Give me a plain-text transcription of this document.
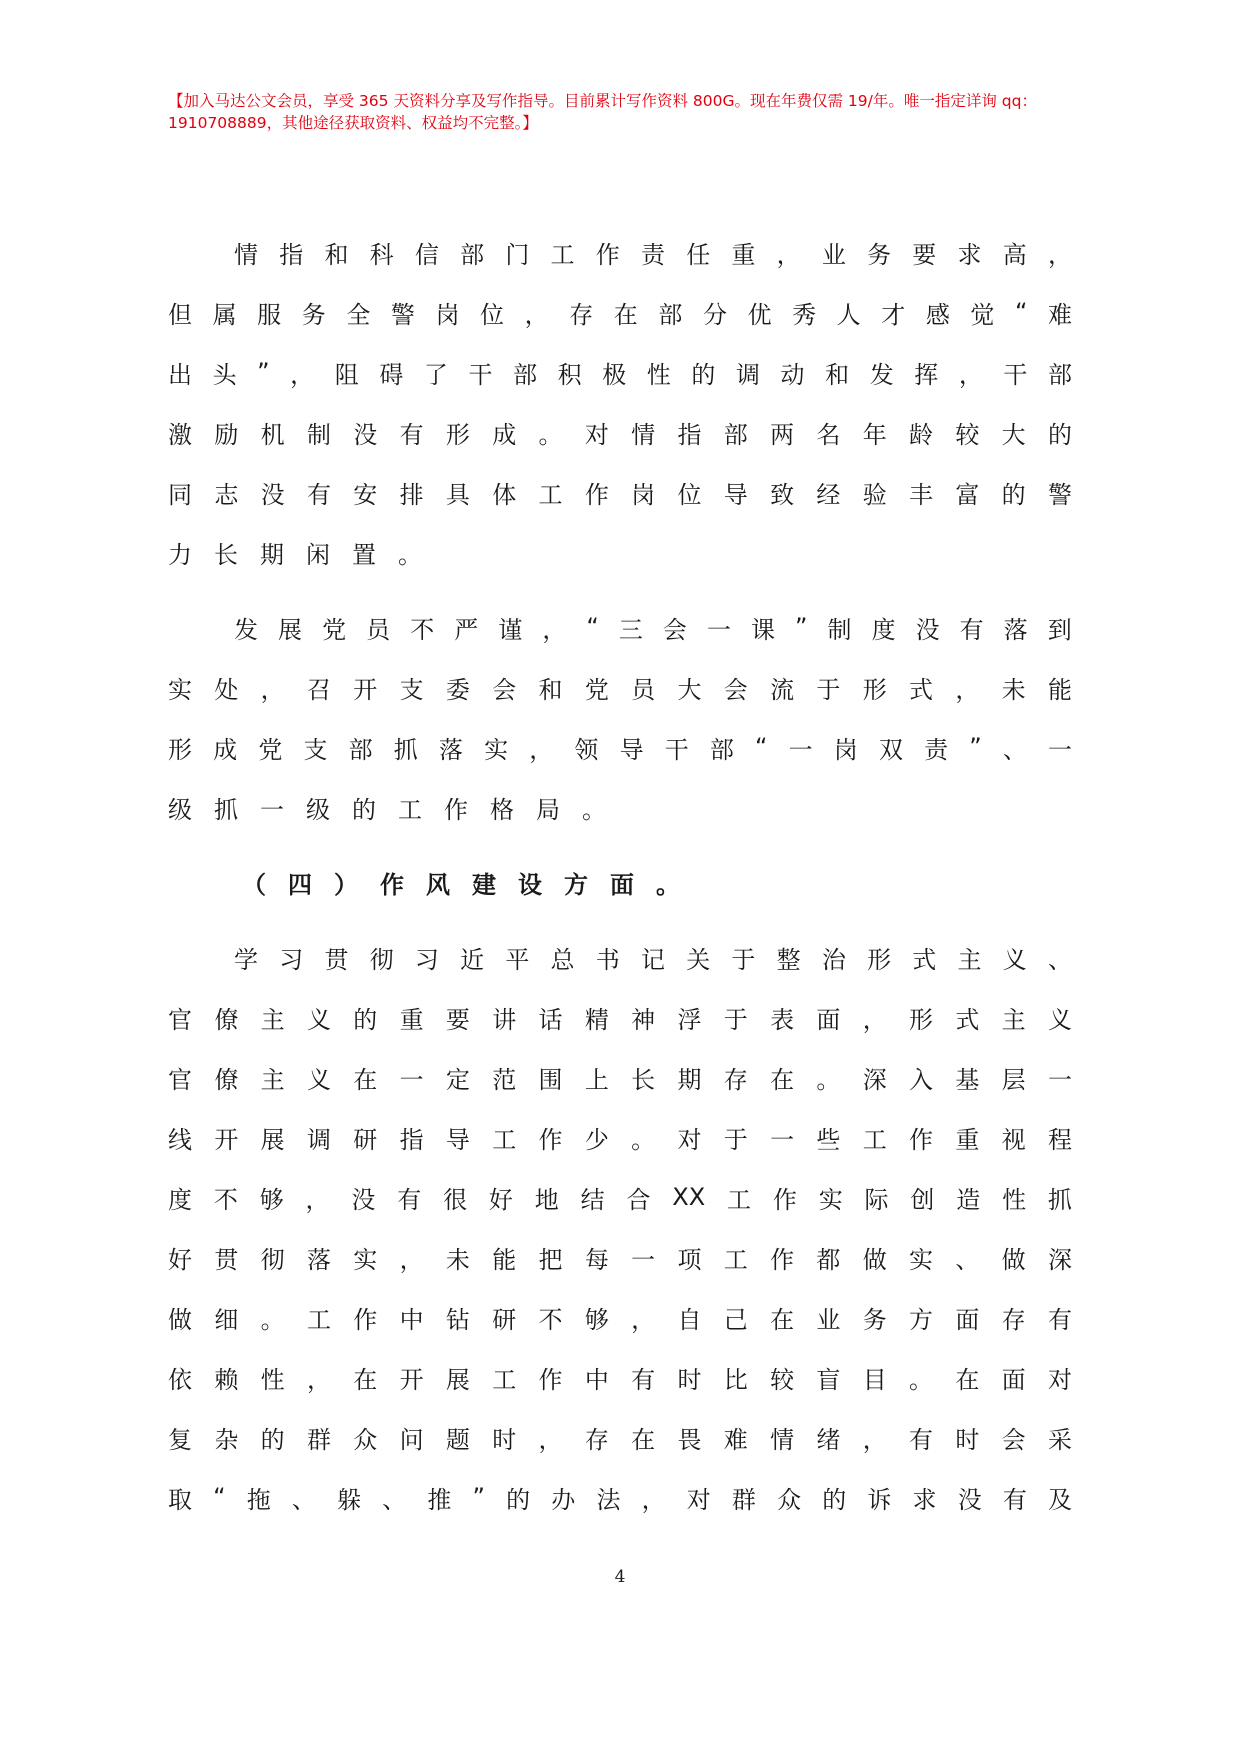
【加入马达公文会员，享受 365 天资料分享及写作指导。目前累计写作资料 800G。现在年费仅需 19/年。唯一指定详询 qq：1910708889，其他途径获取资料、权益均不完整。】
情 指 和 科 信 部 门 工 作 责 任 重 ， 业 务 要 求 高 ，
但 属 服 务 全 警 岗 位 ， 存 在 部 分 优 秀 人 才 感 觉 “ 难
出 头 ” ， 阻 碍 了 干 部 积 极 性 的 调 动 和 发 挥 ， 干 部
激 励 机 制 没 有 形 成 。 对 情 指 部 两 名 年 龄 较 大 的
同 志 没 有 安 排 具 体 工 作 岗 位 导 致 经 验 丰 富 的 警
力 长 期 闲 置 。
发 展 党 员 不 严 谨 ， “ 三 会 一 课 ” 制 度 没 有 落 到
实 处 ， 召 开 支 委 会 和 党 员 大 会 流 于 形 式 ， 未 能
形 成 党 支 部 抓 落 实 ， 领 导 干 部 “ 一 岗 双 责 ” 、 一
级 抓 一 级 的 工 作 格 局 。
（ 四 ） 作 风 建 设 方 面 。
学 习 贯 彻 习 近 平 总 书 记 关 于 整 治 形 式 主 义 、
官 僚 主 义 的 重 要 讲 话 精 神 浮 于 表 面 ， 形 式 主 义
官 僚 主 义 在 一 定 范 围 上 长 期 存 在 。 深 入 基 层 一
线 开 展 调 研 指 导 工 作 少 。 对 于 一 些 工 作 重 视 程
度 不 够 ， 没 有 很 好 地 结 合 XX 工 作 实 际 创 造 性 抓
好 贯 彻 落 实 ， 未 能 把 每 一 项 工 作 都 做 实 、 做 深
做 细 。 工 作 中 钻 研 不 够 ， 自 己 在 业 务 方 面 存 有
依 赖 性 ， 在 开 展 工 作 中 有 时 比 较 盲 目 。 在 面 对
复 杂 的 群 众 问 题 时 ， 存 在 畏 难 情 绪 ， 有 时 会 采
取 “ 拖 、 躲 、 推 ” 的 办 法 ， 对 群 众 的 诉 求 没 有 及
4
